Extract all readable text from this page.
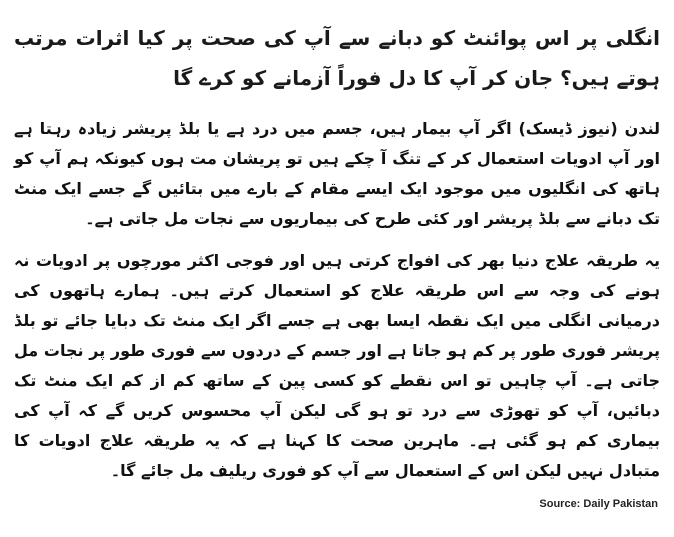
انگلی پر اس پوائنٹ کو دبانے سے آپ کی صحت پر کیا اثرات مرتب ہوتے ہیں؟ جان کر آپ کا دل فوراً آزمانے کو کرے گا

لندن (نیوز ڈیسک) اگر آپ بیمار ہیں، جسم میں درد ہے یا بلڈ پریشر زیادہ رہتا ہے اور آپ ادویات استعمال کر کے تنگ آ چکے ہیں تو پریشان مت ہوں کیونکہ ہم آپ کو ہاتھ کی انگلیوں میں موجود ایک ایسے مقام کے بارے میں بتائیں گے جسے ایک منٹ تک دبانے سے بلڈ پریشر اور کئی طرح کی بیماریوں سے نجات مل جاتی ہے۔

یہ طریقہ علاج دنیا بھر کی افواج کرتی ہیں اور فوجی اکثر مورچوں پر ادویات نہ ہونے کی وجہ سے اس طریقہ علاج کو استعمال کرتے ہیں۔ ہمارے ہاتھوں کی درمیانی انگلی میں ایک نقطہ ایسا بھی ہے جسے اگر ایک منٹ تک دبایا جائے تو بلڈ پریشر فوری طور پر کم ہو جاتا ہے اور جسم کے دردوں سے فوری طور پر نجات مل جاتی ہے۔ آپ چاہیں تو اس نقطے کو کسی پین کے ساتھ کم از کم ایک منٹ تک دبائیں، آپ کو تھوڑی سے درد تو ہو گی لیکن آپ محسوس کریں گے کہ آپ کی بیماری کم ہو گئی ہے۔ ماہرین صحت کا کہنا ہے کہ یہ طریقہ علاج ادویات کا متبادل نہیں لیکن اس کے استعمال سے آپ کو فوری ریلیف مل جائے گا۔

Source: Daily Pakistan
